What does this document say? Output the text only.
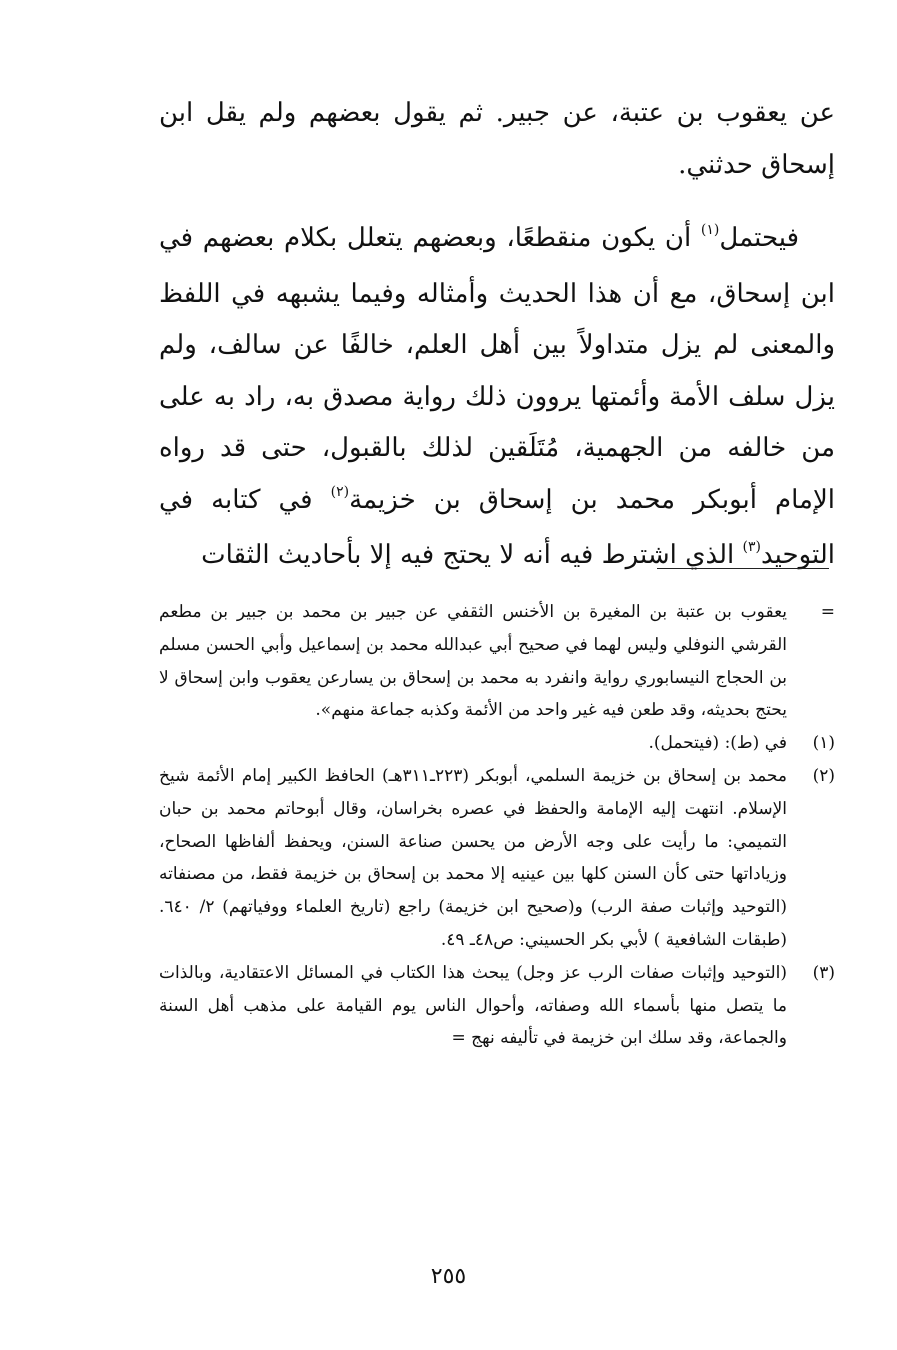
عن يعقوب بن عتبة، عن جبير. ثم يقول بعضهم ولم يقل ابن إسحاق حدثني.

فيحتمل$^{(١)}$ أن يكون منقطعًا، وبعضهم يتعلل بكلام بعضهم في ابن إسحاق، مع أن هذا الحديث وأمثاله وفيما يشبهه في اللفظ والمعنى لم يزل متداولاً بين أهل العلم، خالفًا عن سالف، ولم يزل سلف الأمة وأئمتها يروون ذلك رواية مصدق به، راد به على من خالفه من الجهمية، مُتَلَقين لذلك بالقبول، حتى قد رواه الإمام أبوبكر محمد بن إسحاق بن خزيمة$^{(٢)}$ في كتابه في التوحيد$^{(٣)}$ الذي اشترط فيه أنه لا يحتج فيه إلا بأحاديث الثقات

=
يعقوب بن عتبة بن المغيرة بن الأخنس الثقفي عن جبير بن محمد بن جبير بن مطعم القرشي النوفلي وليس لهما في صحيح أبي عبدالله محمد بن إسماعيل وأبي الحسن مسلم بن الحجاج النيسابوري رواية وانفرد به محمد بن إسحاق بن يسارعن يعقوب وابن إسحاق لا يحتج بحديثه، وقد طعن فيه غير واحد من الأئمة وكذبه جماعة منهم».
(١)
في (ط): (فيتحمل).
(٢)
محمد بن إسحاق بن خزيمة السلمي، أبوبكر (٢٢٣ـ٣١١هـ) الحافظ الكبير إمام الأئمة شيخ الإسلام. انتهت إليه الإمامة والحفظ في عصره بخراسان، وقال أبوحاتم محمد بن حبان التميمي: ما رأيت على وجه الأرض من يحسن صناعة السنن، ويحفظ ألفاظها الصحاح، وزياداتها حتى كأن السنن كلها بين عينيه إلا محمد بن إسحاق بن خزيمة فقط، من مصنفاته (التوحيد وإثبات صفة الرب) و(صحيح ابن خزيمة) راجع (تاريخ العلماء ووفياتهم) ٢/ ٦٤٠. (طبقات الشافعية ) لأبي بكر الحسيني: ص٤٨ـ ٤٩.
(٣)
(التوحيد وإثبات صفات الرب عز وجل) يبحث هذا الكتاب في المسائل الاعتقادية، وبالذات ما يتصل منها بأسماء الله وصفاته، وأحوال الناس يوم القيامة على مذهب أهل السنة والجماعة، وقد سلك ابن خزيمة في تأليفه نهج =
٢٥٥
